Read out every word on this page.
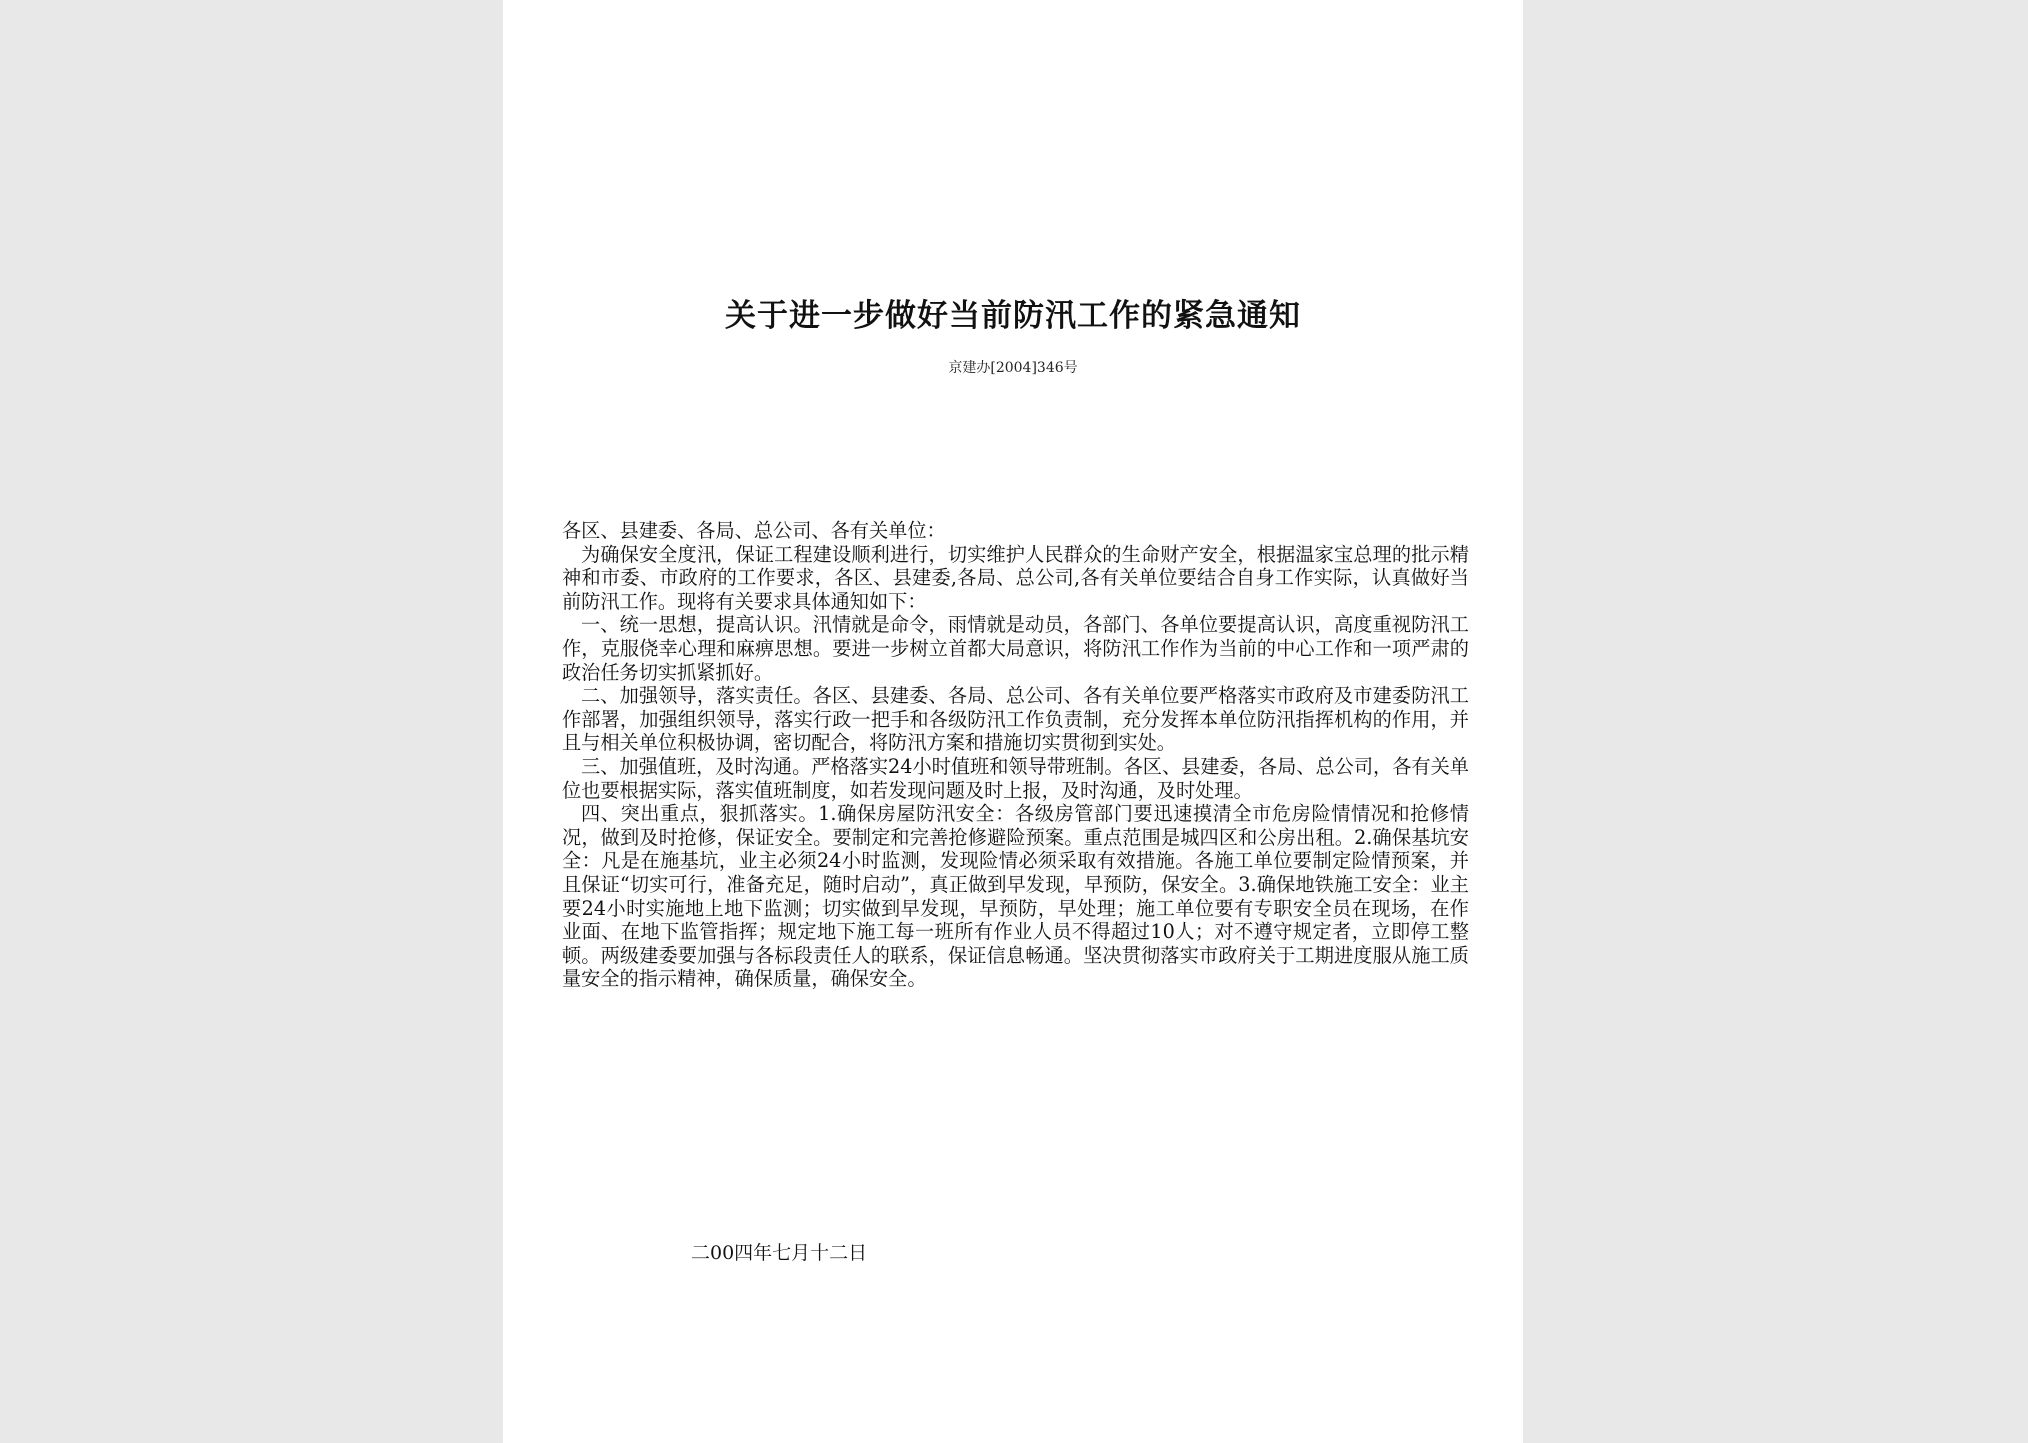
关于进一步做好当前防汛工作的紧急通知
京建办[2004]346号

各区、县建委、各局、总公司、各有关单位：

为确保安全度汛，保证工程建设顺利进行，切实维护人民群众的生命财产安全，根据温家宝总理的批示精神和市委、市政府的工作要求，各区、县建委,各局、总公司,各有关单位要结合自身工作实际，认真做好当前防汛工作。现将有关要求具体通知如下：

一、统一思想，提高认识。汛情就是命令，雨情就是动员，各部门、各单位要提高认识，高度重视防汛工作，克服侥幸心理和麻痹思想。要进一步树立首都大局意识，将防汛工作作为当前的中心工作和一项严肃的政治任务切实抓紧抓好。

二、加强领导，落实责任。各区、县建委、各局、总公司、各有关单位要严格落实市政府及市建委防汛工作部署，加强组织领导，落实行政一把手和各级防汛工作负责制，充分发挥本单位防汛指挥机构的作用，并且与相关单位积极协调，密切配合，将防汛方案和措施切实贯彻到实处。

三、加强值班，及时沟通。严格落实24小时值班和领导带班制。各区、县建委，各局、总公司，各有关单位也要根据实际，落实值班制度，如若发现问题及时上报，及时沟通，及时处理。

四、突出重点，狠抓落实。1.确保房屋防汛安全：各级房管部门要迅速摸清全市危房险情情况和抢修情况，做到及时抢修，保证安全。要制定和完善抢修避险预案。重点范围是城四区和公房出租。2.确保基坑安全：凡是在施基坑，业主必须24小时监测，发现险情必须采取有效措施。各施工单位要制定险情预案，并且保证“切实可行，准备充足，随时启动”，真正做到早发现，早预防，保安全。3.确保地铁施工安全：业主要24小时实施地上地下监测；切实做到早发现，早预防，早处理；施工单位要有专职安全员在现场，在作业面、在地下监管指挥；规定地下施工每一班所有作业人员不得超过10人；对不遵守规定者，立即停工整顿。两级建委要加强与各标段责任人的联系，保证信息畅通。坚决贯彻落实市政府关于工期进度服从施工质量安全的指示精神，确保质量，确保安全。

二00四年七月十二日
